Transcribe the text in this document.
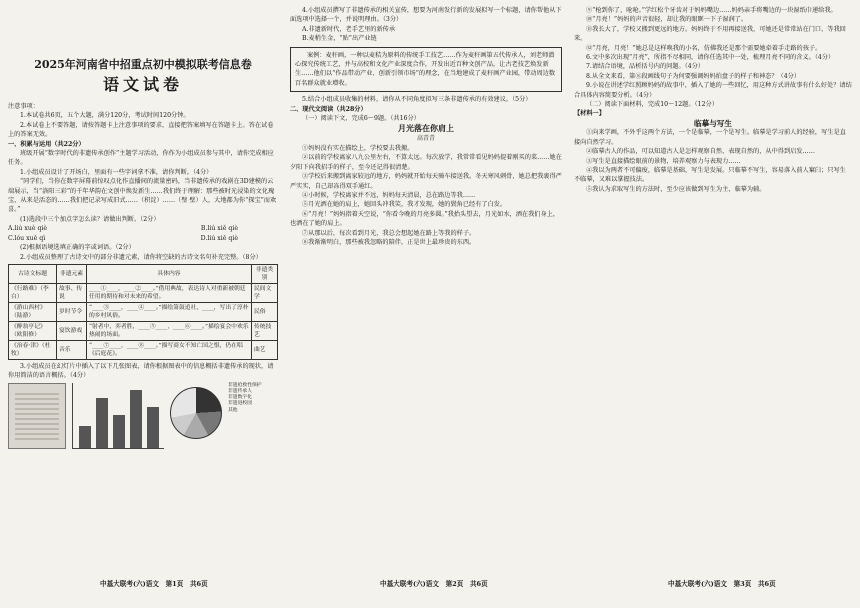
2025年河南省中招重点初中模拟联考信息卷
语文试卷
注意事项：
1.本试卷共6页，五个大题，满分120分，考试时间120分钟。
2.本试卷上不要答题，请按答题卡上注意事项的要求，直接把答案填写在答题卡上。答在试卷上的答案无效。
一、积累与运用（共22分）
班级开展“数字时代的非遗传承创作”主题学习活动，你作为小组成员参与其中，请你完成相应任务。
1.小组成员设计了开场白，里面有一些字词拿不准，请你判断。（4分）
“同学们，当你在数字屏幕前惊叹点化作直播间的流量密码，当非遗传承的戏剧在3D建模的云端展示，当“洛阳三彩”的千年华韵在文创中焕发新生……我们终于理解：那些被时光浸染的文化瑰宝，从来是活态的……我们把记录写成旧式……（积淀）……（璧 壁）人，大地都为你“探宝”而欢喜。”
(1)选段中三个加点字怎么读？请做出判断。（2分）
A.liú xuè qiè	B.liú xiě qiè
C.lóu xuě qì	D.liú xiě qiè
(2)根据语境选填正确的字或词语。（2分）
2.小组成员整理了古诗文中的部分非遗元素，请你将空缺的古诗文名句补充完整。（8分）
古诗文标题	非遗元素	具体内容	非遗类别
《行路难》（李白）	故事、传说	____①____，____②____。”借用典故，表达诗人对重新被朝廷任用的期待和对未来的希望。	民间文学
《游山西村》（陆游）	岁时节令	“____③____，____④____。”描绘箫鼓追社，____，写出了淳朴的乡村风俗。	民俗
《醉翁亭记》（欧阳修）	宴饮游戏	“射者中，弈者胜，____⑤____，____⑥____。”描绘宴会中欢乐热闹的场面。	传统技艺
《治春·津》（杜牧）	音乐	“____⑦____，____⑧____。”描写商女不知亡国之恨，仍在唱《后庭花》。	曲艺
3.小组成员在幻灯片中插入了以下几张图表，请你根据图表中的信息概括非遗传承的现状，请你用简洁的语言概括。（4分）
非遗抢救性保护
非遗传承人
非遗数字化
非遗进校园
其他
4.小组成员撰写了非遗传承的相关宣传，想要为河南发行新的发展拟写一个标题，请你帮他从下面选项中选择一个，并说明理由。（3分）
A.非遗新时代，老手艺里的新传承
B.麦稍生金，“贴”出产业链
案例：麦秆画，一种以麦秸为原料的传统手工技艺……作为麦秆画第五代传承人，刘老师潜心探究传统工艺，并与高校和文化产业深度合作，开发出近百种文创产品，让古老技艺焕发新生……他们以“作品带动产业、创新引领市场”的理念，在当地建成了麦秆画产业园，带动周边数百名群众就业增收。
5.结合小组成员收集的材料，请你从不同角度拟写三条非遗传承的有效建议。（5分）
二、现代文阅读（共28分）
（一）阅读下文，完成6～9题。（共16分）
月光落在你肩上
高青青
①妈妈没有实在描绘上，学校要去我搬。
②以前的学校离家八九公里左右，不算太远。每次放学，我常常看见妈妈提着刚买的菜……她在夕阳下向我招手的样子，至今还记得很清楚。
③学校后来搬到离家较远的地方，妈妈就开始每天骑车接送我。冬天寒风刺骨，她总把我裹得严严实实，自己却冻得双手通红。
④小时候，学校离家并不远，妈妈每天清晨，总在路边等我……
⑤月光洒在她的肩上，她回头冲我笑，我才发现，她的鬓角已经有了白发。
⑥“月亮！”妈妈指着天空说，“你看今晚的月亮多圆。”我抬头望去，月光如水，洒在我们身上，也洒在了她的肩上。
⑦从那以后，每次看到月光，我总会想起她在路上等我的样子。
⑧我渐渐明白，那些被我忽略的陪伴，正是世上最珍贵的东西。
⑨“枪到你了，呛呛。”学红松个牙齿对于妈妈嘴边……妈妈亲手将嘴边的一块湿纸巾递给我。
⑩“月亮！”妈妈的声音很轻，却让我的眼眶一下子湿润了。
⑪我长大了，学校又搬到更远的地方。妈妈终于不用再接送我，可她还是常常站在门口，等我回来。
⑫“月亮，月亮！”她总是这样唤我的小名，仿佛我还是那个需要她牵着手走路的孩子。
6.文中多次出现“月亮”，所指不尽相同，请你任选其中一处，梳理月亮不同的含义。（4分）
7.请结合语境，品析括号内的问题。（4分）
8.从全文来看，第⑧段画线句子为何要强调妈妈拍盘子的样子和神态？（4分）
9.小说在讲述学红照顾妈妈的故事中，插入了她的一些回忆，用这种方式讲故事有什么好处？请结合具体内容简要分析。（4分）
（二）阅读下面材料，完成10～12题。（12分）
【材料一】
临摹与写生
①向来学画，不外乎这两个方法，一个是临摹，一个是写生。临摹是学习前人的经验，写生是直接向自然学习。
②临摹古人的作品，可以知道古人是怎样观察自然、表现自然的，从中得到启发……
③写生是直接描绘眼前的景物，培养观察力与表现力……
④我以为两者不可偏废，临摹是基础，写生是发展。只临摹不写生，容易落入前人窠臼；只写生不临摹，又难以掌握技法。
⑤我认为求取写生的方法时，至少应该做到写生为主，临摹为辅。
中基大联考(六)语文　第1页　共6页	中基大联考(六)语文　第2页　共6页	中基大联考(六)语文　第3页　共6页
